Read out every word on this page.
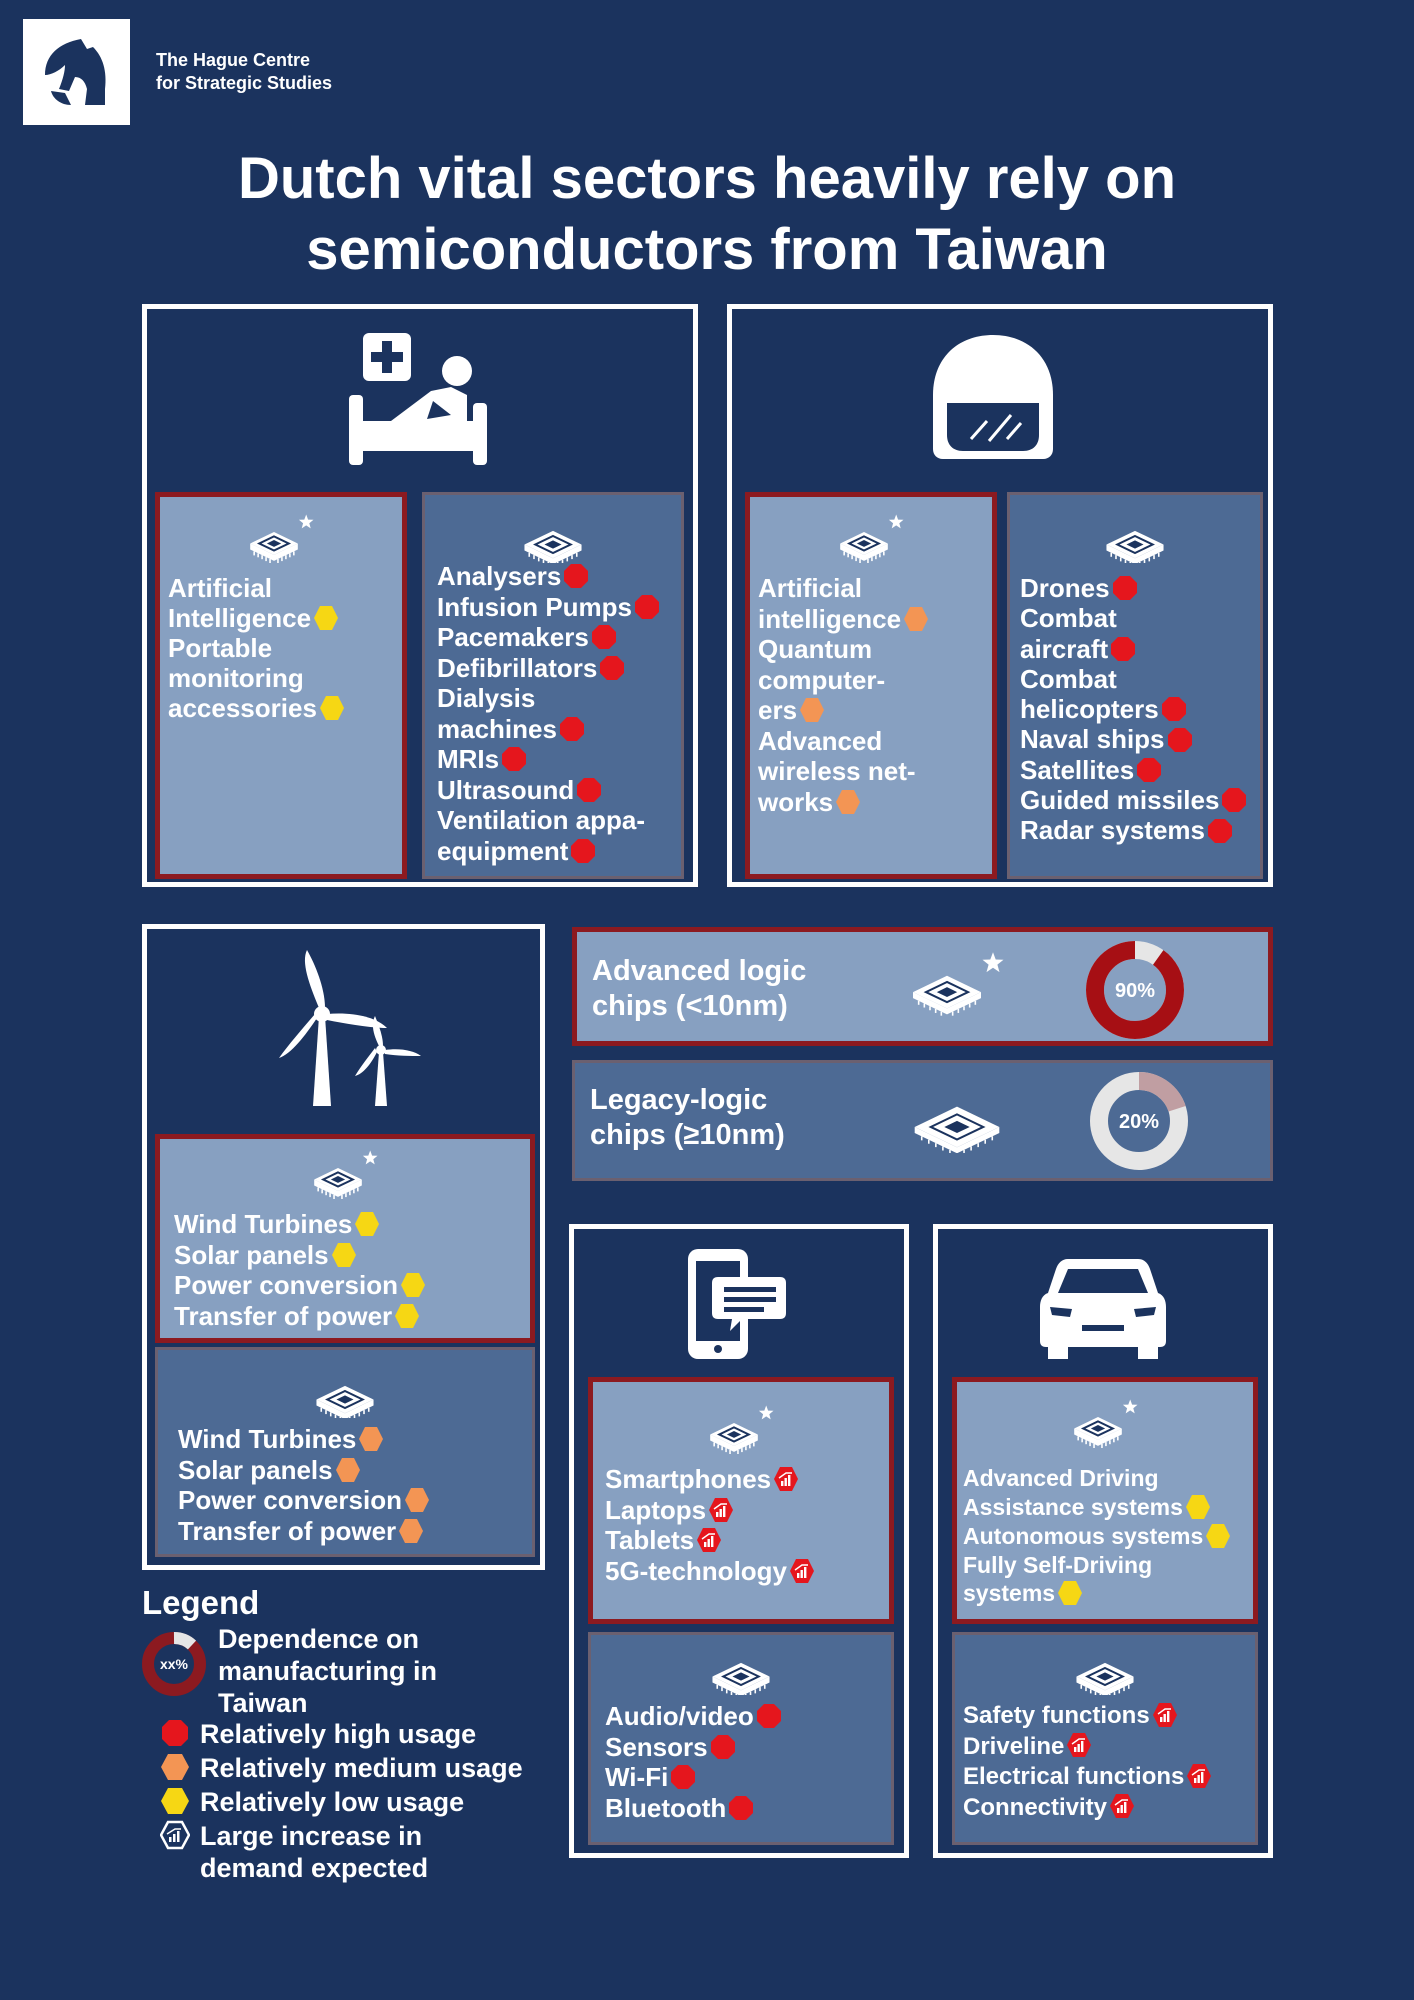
The Hague Centre
for Strategic Studies
Dutch vital sectors heavily rely on
semiconductors from Taiwan
Artificial
Intelligence
Portable
monitoring
accessories
Analysers
Infusion Pumps
Pacemakers
Defibrillators
Dialysis
machines
MRIs
Ultrasound
Ventilation appa-
equipment
Artificial
intelligence
Quantum
computer-
ers
Advanced
wireless net-
works
Drones
Combat
aircraft
Combat
helicopters
Naval ships
Satellites
Guided missiles
Radar systems
Wind Turbines
Solar panels
Power conversion
Transfer of power
Wind Turbines
Solar panels
Power conversion
Transfer of power
Advanced logic
chips (<10nm)	90%
Legacy-logic
chips (≥10nm)	20%
Smartphones
Laptops
Tablets
5G-technology
Audio/video
Sensors
Wi-Fi
Bluetooth
Advanced Driving
Assistance systems
Autonomous systems
Fully Self-Driving
systems
Safety functions
Driveline
Electrical functions
Connectivity
Legend
xx%
Dependence on
manufacturing in
Taiwan
Relatively high usage
Relatively medium usage
Relatively low usage
Large increase in
demand expected
